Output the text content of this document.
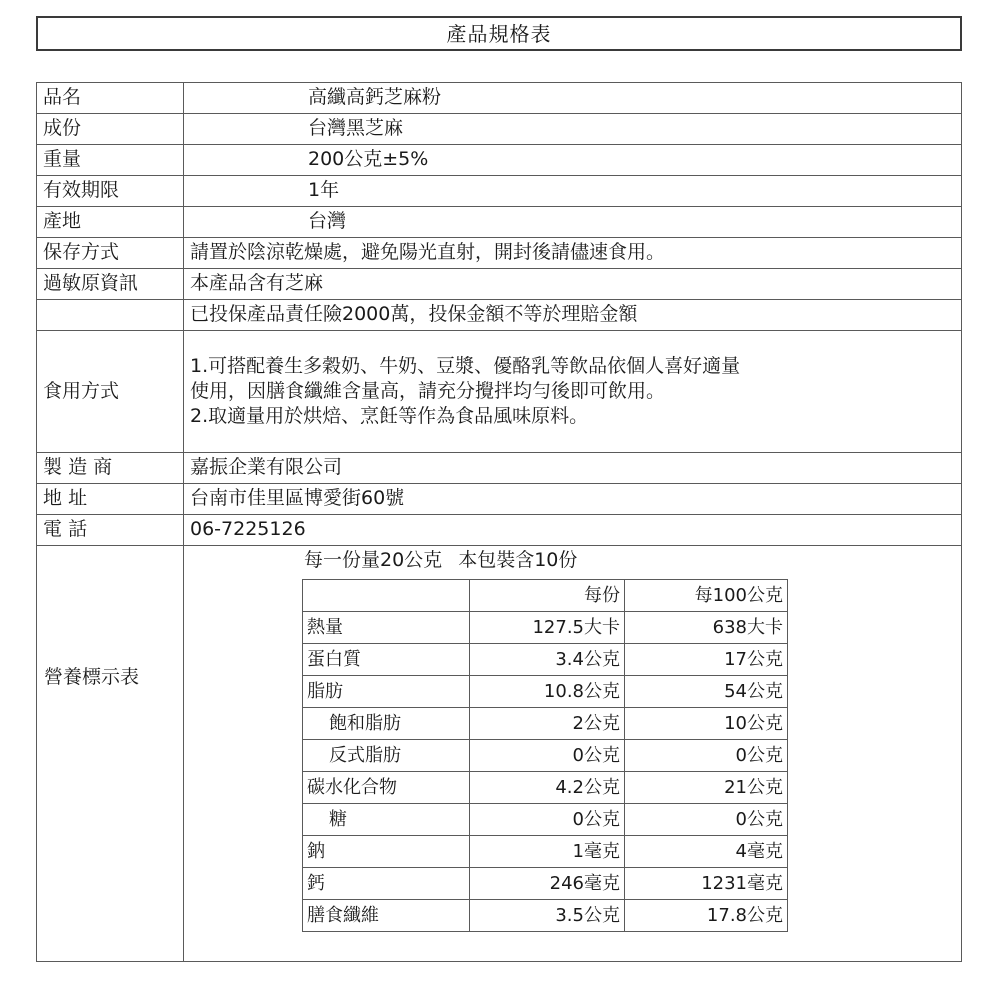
產品規格表
品名	高纖高鈣芝麻粉
成份	台灣黑芝麻
重量	200公克±5%
有效期限	1年
產地	台灣
保存方式	請置於陰涼乾燥處，避免陽光直射，開封後請儘速食用。
過敏原資訊	本產品含有芝麻
	已投保產品責任險2000萬，投保金額不等於理賠金額
食用方式	
1.可搭配養生多穀奶、牛奶、豆漿、優酪乳等飲品依個人喜好適量
使用，因膳食纖維含量高，請充分攪拌均勻後即可飲用。
2.取適量用於烘焙、烹飪等作為食品風味原料。

製造商	嘉振企業有限公司
地址	台南市佳里區博愛街60號
電話	06-7225126

營養標示表

每一份量20公克 本包裝含10份
	每份	每100公克
熱量	127.5大卡	638大卡
蛋白質	3.4公克	17公克
脂肪	10.8公克	54公克
飽和脂肪	2公克	10公克
反式脂肪	0公克	0公克
碳水化合物	4.2公克	21公克
糖	0公克	0公克
鈉	1毫克	4毫克
鈣	246毫克	1231毫克
膳食纖維	3.5公克	17.8公克
